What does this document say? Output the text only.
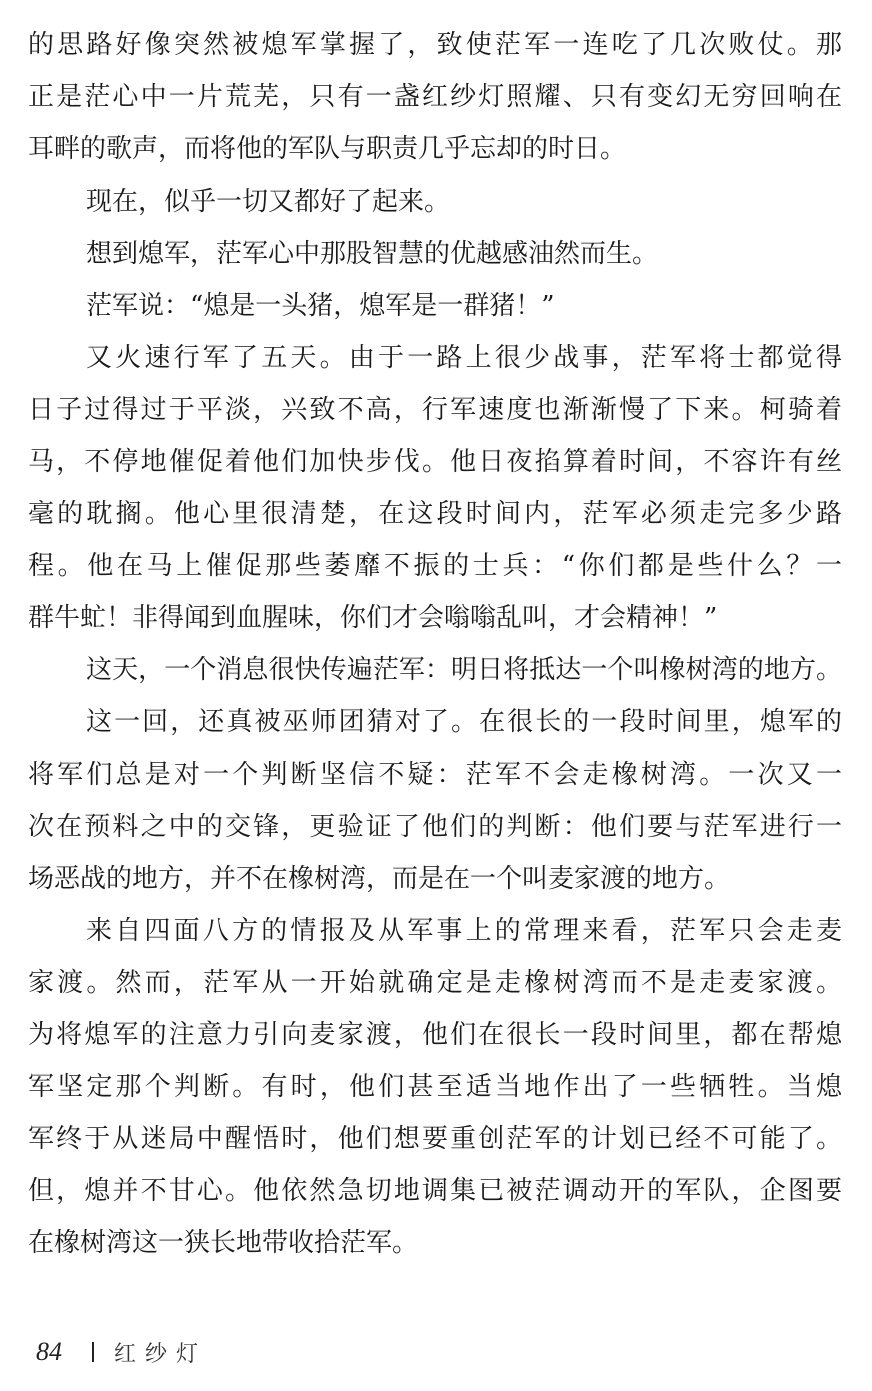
的思路好像突然被熄军掌握了，致使茫军一连吃了几次败仗。那
正是茫心中一片荒芜，只有一盏红纱灯照耀、只有变幻无穷回响在
耳畔的歌声，而将他的军队与职责几乎忘却的时日。
现在，似乎一切又都好了起来。
想到熄军，茫军心中那股智慧的优越感油然而生。
茫军说：“熄是一头猪，熄军是一群猪！”
又火速行军了五天。由于一路上很少战事，茫军将士都觉得
日子过得过于平淡，兴致不高，行军速度也渐渐慢了下来。柯骑着
马，不停地催促着他们加快步伐。他日夜掐算着时间，不容许有丝
毫的耽搁。他心里很清楚，在这段时间内，茫军必须走完多少路
程。他在马上催促那些萎靡不振的士兵：“你们都是些什么？一
群牛虻！非得闻到血腥味，你们才会嗡嗡乱叫，才会精神！”
这天，一个消息很快传遍茫军：明日将抵达一个叫橡树湾的地方。
这一回，还真被巫师团猜对了。在很长的一段时间里，熄军的
将军们总是对一个判断坚信不疑：茫军不会走橡树湾。一次又一
次在预料之中的交锋，更验证了他们的判断：他们要与茫军进行一
场恶战的地方，并不在橡树湾，而是在一个叫麦家渡的地方。
来自四面八方的情报及从军事上的常理来看，茫军只会走麦
家渡。然而，茫军从一开始就确定是走橡树湾而不是走麦家渡。
为将熄军的注意力引向麦家渡，他们在很长一段时间里，都在帮熄
军坚定那个判断。有时，他们甚至适当地作出了一些牺牲。当熄
军终于从迷局中醒悟时，他们想要重创茫军的计划已经不可能了。
但，熄并不甘心。他依然急切地调集已被茫调动开的军队，企图要
在橡树湾这一狭长地带收拾茫军。
84 红纱灯
